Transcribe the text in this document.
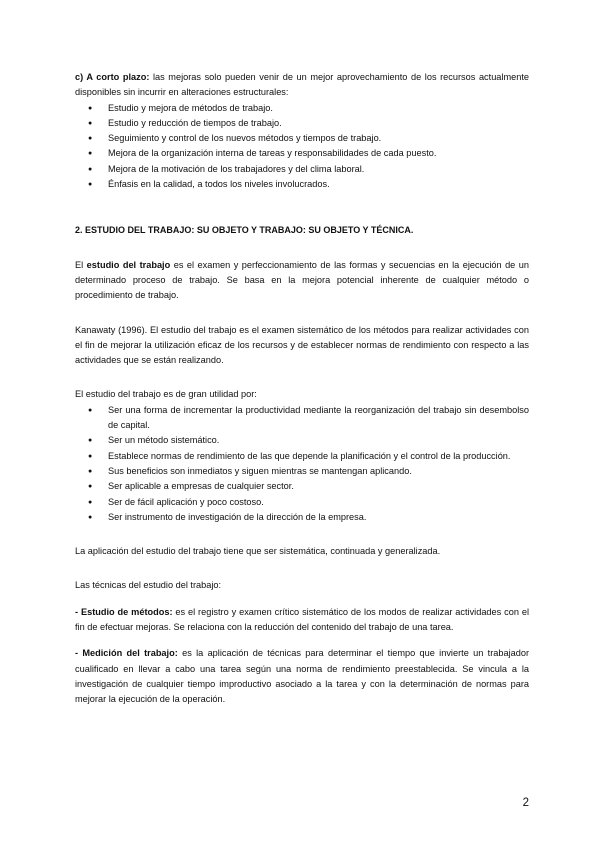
c) A corto plazo: las mejoras solo pueden venir de un mejor aprovechamiento de los recursos actualmente disponibles sin incurrir en alteraciones estructurales:

● Estudio y mejora de métodos de trabajo.
● Estudio y reducción de tiempos de trabajo.
● Seguimiento y control de los nuevos métodos y tiempos de trabajo.
● Mejora de la organización interna de tareas y responsabilidades de cada puesto.
● Mejora de la motivación de los trabajadores y del clima laboral.
● Énfasis en la calidad, a todos los niveles involucrados.

2. ESTUDIO DEL TRABAJO: SU OBJETO Y TRABAJO: SU OBJETO Y TÉCNICA.

El estudio del trabajo es el examen y perfeccionamiento de las formas y secuencias en la ejecución de un determinado proceso de trabajo. Se basa en la mejora potencial inherente de cualquier método o procedimiento de trabajo.

Kanawaty (1996). El estudio del trabajo es el examen sistemático de los métodos para realizar actividades con el fin de mejorar la utilización eficaz de los recursos y de establecer normas de rendimiento con respecto a las actividades que se están realizando.

El estudio del trabajo es de gran utilidad por:

● Ser una forma de incrementar la productividad mediante la reorganización del trabajo sin desembolso de capital.
● Ser un método sistemático.
● Establece normas de rendimiento de las que depende la planificación y el control de la producción.
● Sus beneficios son inmediatos y siguen mientras se mantengan aplicando.
● Ser aplicable a empresas de cualquier sector.
● Ser de fácil aplicación y poco costoso.
● Ser instrumento de investigación de la dirección de la empresa.

La aplicación del estudio del trabajo tiene que ser sistemática, continuada y generalizada.

Las técnicas del estudio del trabajo:

- Estudio de métodos: es el registro y examen crítico sistemático de los modos de realizar actividades con el fin de efectuar mejoras. Se relaciona con la reducción del contenido del trabajo de una tarea.

- Medición del trabajo: es la aplicación de técnicas para determinar el tiempo que invierte un trabajador cualificado en llevar a cabo una tarea según una norma de rendimiento preestablecida. Se vincula a la investigación de cualquier tiempo improductivo asociado a la tarea y con la determinación de normas para mejorar la ejecución de la operación.

2
